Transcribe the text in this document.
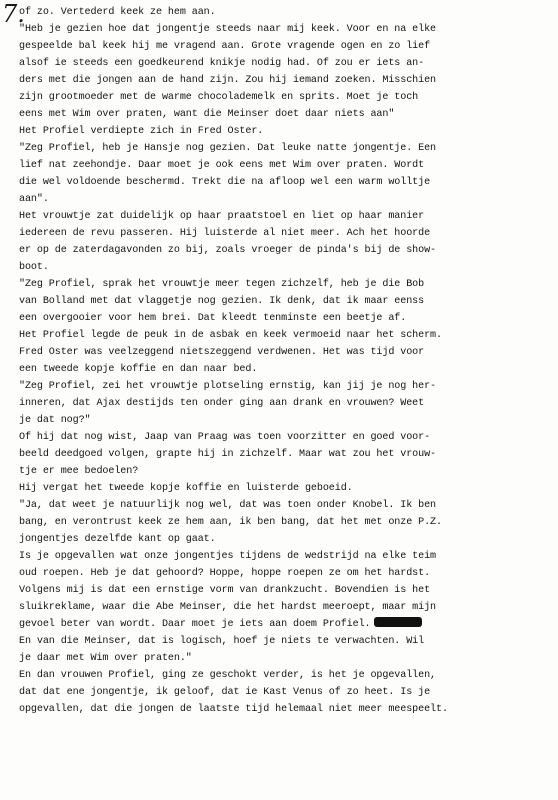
7.
of zo. Vertederd keek ze hem aan.
"Heb je gezien hoe dat jongentje steeds naar mij keek. Voor en na elke
gespeelde bal keek hij me vragend aan. Grote vragende ogen en zo lief
alsof ie steeds een goedkeurend knikje nodig had. Of zou er iets an-
ders met die jongen aan de hand zijn. Zou hij iemand zoeken. Misschien
zijn grootmoeder met de warme chocolademelk en sprits. Moet je toch
eens met Wim over praten, want die Meinser doet daar niets aan"
Het Profiel verdiepte zich in Fred Oster.
"Zeg Profiel, heb je Hansje nog gezien. Dat leuke natte jongentje. Een
lief nat zeehondje. Daar moet je ook eens met Wim over praten. Wordt
die wel voldoende beschermd. Trekt die na afloop wel een warm wolltje
aan".
Het vrouwtje zat duidelijk op haar praatstoel en liet op haar manier
iedereen de revu passeren. Hij luisterde al niet meer. Ach het hoorde
er op de zaterdagavonden zo bij, zoals vroeger de pinda's bij de show-
boot.
"Zeg Profiel, sprak het vrouwtje meer tegen zichzelf, heb je die Bob
van Bolland met dat vlaggetje nog gezien. Ik denk, dat ik maar eenss
een overgooier voor hem brei. Dat kleedt tenminste een beetje af.
Het Profiel legde de peuk in de asbak en keek vermoeid naar het scherm.
Fred Oster was veelzeggend nietszeggend verdwenen. Het was tijd voor
een tweede kopje koffie en dan naar bed.
"Zeg Profiel, zei het vrouwtje plotseling ernstig, kan jij je nog her-
inneren, dat Ajax destijds ten onder ging aan drank en vrouwen? Weet
je dat nog?"
Of hij dat nog wist, Jaap van Praag was toen voorzitter en goed voor-
beeld deedgoed volgen, grapte hij in zichzelf. Maar wat zou het vrouw-
tje er mee bedoelen?
Hij vergat het tweede kopje koffie en luisterde geboeid.
"Ja, dat weet je natuurlijk nog wel, dat was toen onder Knobel. Ik ben
bang, en verontrust keek ze hem aan, ik ben bang, dat het met onze P.Z.
jongentjes dezelfde kant op gaat.
Is je opgevallen wat onze jongentjes tijdens de wedstrijd na elke teim
oud roepen. Heb je dat gehoord? Hoppe, hoppe roepen ze om het hardst.
Volgens mij is dat een ernstige vorm van drankzucht. Bovendien is het
sluikreklame, waar die Abe Meinser, die het hardst meeroept, maar mijn
gevoel beter van wordt. Daar moet je iets aan doem Profiel.
En van die Meinser, dat is logisch, hoef je niets te verwachten. Wil
je daar met Wim over praten."
En dan vrouwen Profiel, ging ze geschokt verder, is het je opgevallen,
dat dat ene jongentje, ik geloof, dat ie Kast Venus of zo heet. Is je
opgevallen, dat die jongen de laatste tijd helemaal niet meer meespeelt.
